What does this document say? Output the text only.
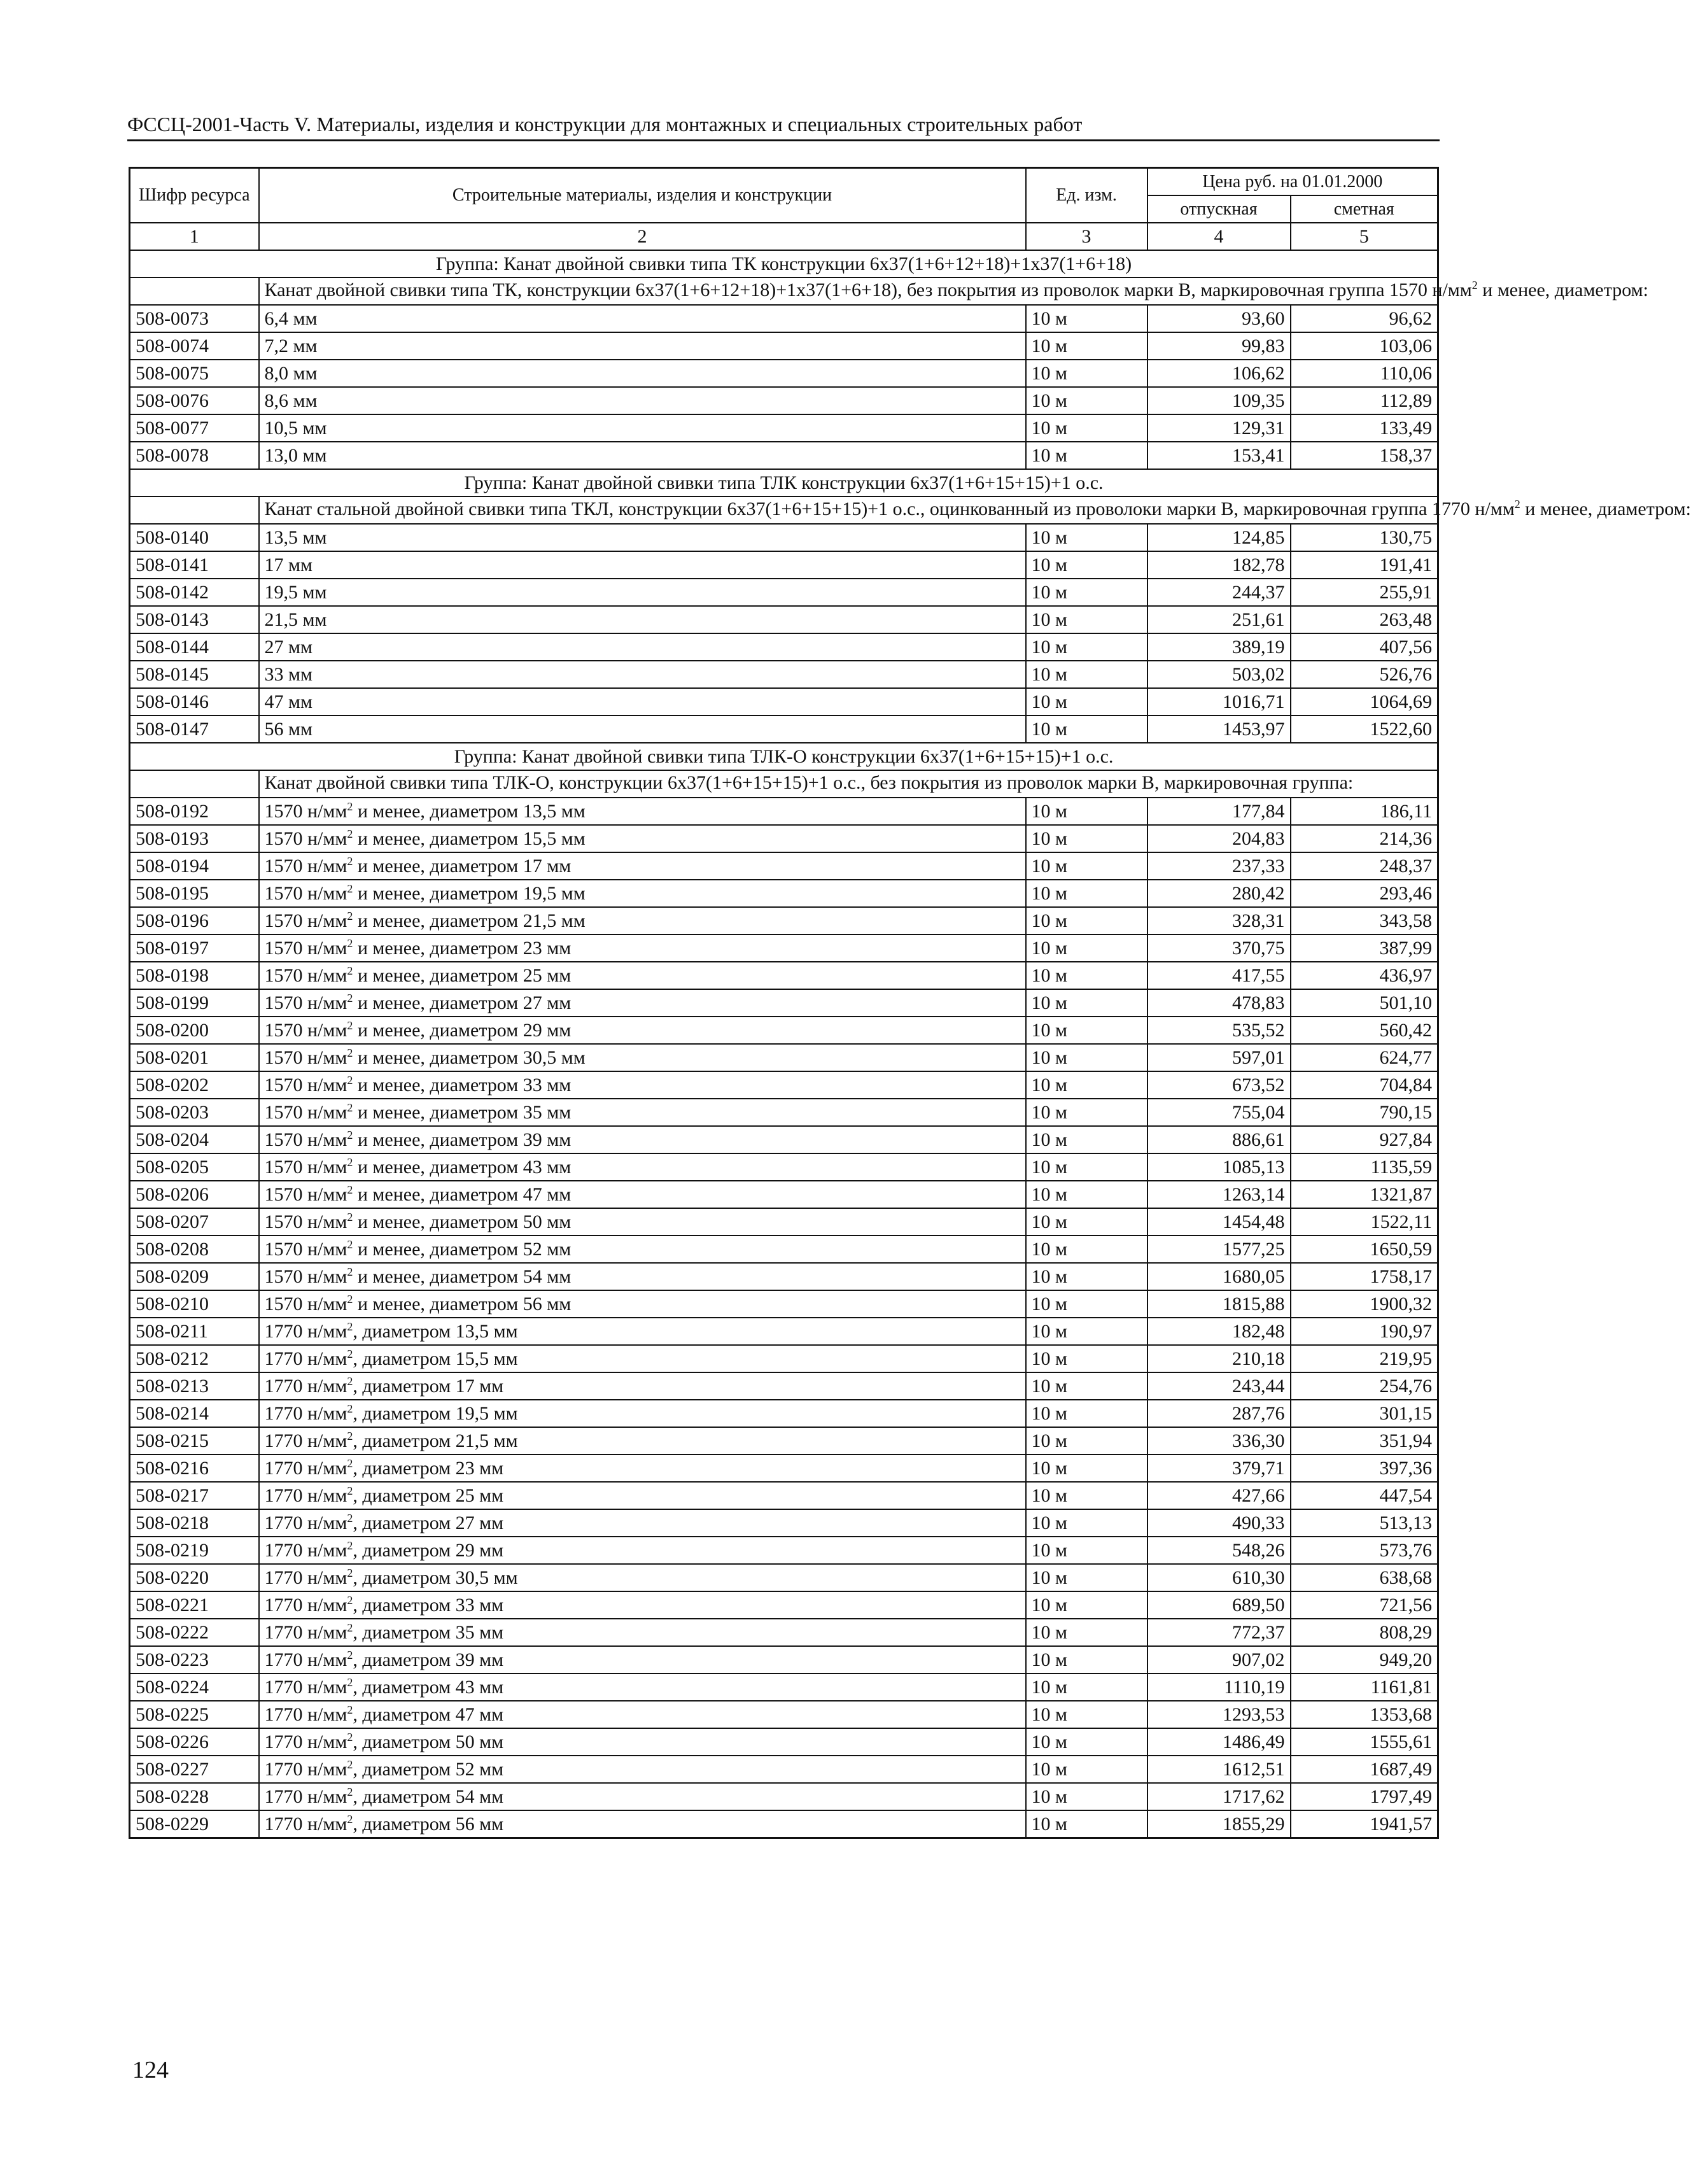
ФССЦ-2001-Часть V. Материалы, изделия и конструкции для монтажных и специальных строительных работ
Шифр ресурса	Строительные материалы, изделия и конструкции	Ед. изм.	Цена руб. на 01.01.2000	
			отпускная	сметная
1	2	3	4	5
Группа: Канат двойной свивки типа ТК конструкции 6х37(1+6+12+18)+1х37(1+6+18)				
	Канат двойной свивки типа ТК, конструкции 6х37(1+6+12+18)+1х37(1+6+18), без покрытия из проволок марки В, маркировочная группа 1570 $н/мм^2$ и менее, диаметром:			
508-0073	6,4 мм	10 м	93,60	96,62
508-0074	7,2 мм	10 м	99,83	103,06
508-0075	8,0 мм	10 м	106,62	110,06
508-0076	8,6 мм	10 м	109,35	112,89
508-0077	10,5 мм	10 м	129,31	133,49
508-0078	13,0 мм	10 м	153,41	158,37
Группа: Канат двойной свивки типа ТЛК конструкции 6х37(1+6+15+15)+1 о.с.				
	Канат стальной двойной свивки типа ТКЛ, конструкции 6х37(1+6+15+15)+1 о.с., оцинкованный из проволоки марки В, маркировочная группа 1770 $н/мм^2$ и менее, диаметром:			
508-0140	13,5 мм	10 м	124,85	130,75
508-0141	17 мм	10 м	182,78	191,41
508-0142	19,5 мм	10 м	244,37	255,91
508-0143	21,5 мм	10 м	251,61	263,48
508-0144	27 мм	10 м	389,19	407,56
508-0145	33 мм	10 м	503,02	526,76
508-0146	47 мм	10 м	1016,71	1064,69
508-0147	56 мм	10 м	1453,97	1522,60
Группа: Канат двойной свивки типа ТЛК-О конструкции 6х37(1+6+15+15)+1 о.с.				
	Канат двойной свивки типа ТЛК-О, конструкции 6х37(1+6+15+15)+1 о.с., без покрытия из проволок марки В, маркировочная группа:			
508-0192	1570 $н/мм^2$ и менее, диаметром 13,5 мм	10 м	177,84	186,11
508-0193	1570 $н/мм^2$ и менее, диаметром 15,5 мм	10 м	204,83	214,36
508-0194	1570 $н/мм^2$ и менее, диаметром 17 мм	10 м	237,33	248,37
508-0195	1570 $н/мм^2$ и менее, диаметром 19,5 мм	10 м	280,42	293,46
508-0196	1570 $н/мм^2$ и менее, диаметром 21,5 мм	10 м	328,31	343,58
508-0197	1570 $н/мм^2$ и менее, диаметром 23 мм	10 м	370,75	387,99
508-0198	1570 $н/мм^2$ и менее, диаметром 25 мм	10 м	417,55	436,97
508-0199	1570 $н/мм^2$ и менее, диаметром 27 мм	10 м	478,83	501,10
508-0200	1570 $н/мм^2$ и менее, диаметром 29 мм	10 м	535,52	560,42
508-0201	1570 $н/мм^2$ и менее, диаметром 30,5 мм	10 м	597,01	624,77
508-0202	1570 $н/мм^2$ и менее, диаметром 33 мм	10 м	673,52	704,84
508-0203	1570 $н/мм^2$ и менее, диаметром 35 мм	10 м	755,04	790,15
508-0204	1570 $н/мм^2$ и менее, диаметром 39 мм	10 м	886,61	927,84
508-0205	1570 $н/мм^2$ и менее, диаметром 43 мм	10 м	1085,13	1135,59
508-0206	1570 $н/мм^2$ и менее, диаметром 47 мм	10 м	1263,14	1321,87
508-0207	1570 $н/мм^2$ и менее, диаметром 50 мм	10 м	1454,48	1522,11
508-0208	1570 $н/мм^2$ и менее, диаметром 52 мм	10 м	1577,25	1650,59
508-0209	1570 $н/мм^2$ и менее, диаметром 54 мм	10 м	1680,05	1758,17
508-0210	1570 $н/мм^2$ и менее, диаметром 56 мм	10 м	1815,88	1900,32
508-0211	1770 $н/мм^2$, диаметром 13,5 мм	10 м	182,48	190,97
508-0212	1770 $н/мм^2$, диаметром 15,5 мм	10 м	210,18	219,95
508-0213	1770 $н/мм^2$, диаметром 17 мм	10 м	243,44	254,76
508-0214	1770 $н/мм^2$, диаметром 19,5 мм	10 м	287,76	301,15
508-0215	1770 $н/мм^2$, диаметром 21,5 мм	10 м	336,30	351,94
508-0216	1770 $н/мм^2$, диаметром 23 мм	10 м	379,71	397,36
508-0217	1770 $н/мм^2$, диаметром 25 мм	10 м	427,66	447,54
508-0218	1770 $н/мм^2$, диаметром 27 мм	10 м	490,33	513,13
508-0219	1770 $н/мм^2$, диаметром 29 мм	10 м	548,26	573,76
508-0220	1770 $н/мм^2$, диаметром 30,5 мм	10 м	610,30	638,68
508-0221	1770 $н/мм^2$, диаметром 33 мм	10 м	689,50	721,56
508-0222	1770 $н/мм^2$, диаметром 35 мм	10 м	772,37	808,29
508-0223	1770 $н/мм^2$, диаметром 39 мм	10 м	907,02	949,20
508-0224	1770 $н/мм^2$, диаметром 43 мм	10 м	1110,19	1161,81
508-0225	1770 $н/мм^2$, диаметром 47 мм	10 м	1293,53	1353,68
508-0226	1770 $н/мм^2$, диаметром 50 мм	10 м	1486,49	1555,61
508-0227	1770 $н/мм^2$, диаметром 52 мм	10 м	1612,51	1687,49
508-0228	1770 $н/мм^2$, диаметром 54 мм	10 м	1717,62	1797,49
508-0229	1770 $н/мм^2$, диаметром 56 мм	10 м	1855,29	1941,57
124
